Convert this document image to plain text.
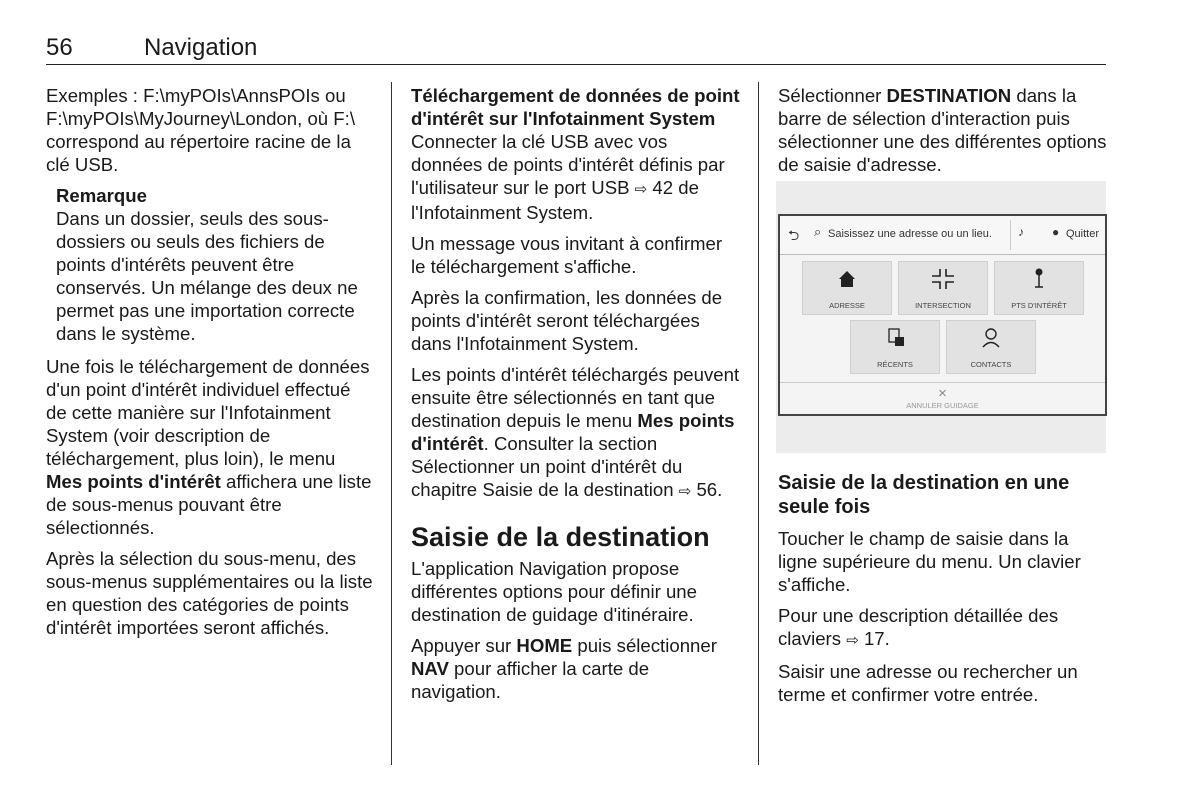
56	Navigation

Exemples : F:\myPOIs\AnnsPOIs ou F:\myPOIs\MyJourney\London, où F:\ correspond au répertoire racine de la clé USB.

Remarque
Dans un dossier, seuls des sous-dossiers ou seuls des fichiers de points d'intérêts peuvent être conservés. Un mélange des deux ne permet pas une importation correcte dans le système.

Une fois le téléchargement de données d'un point d'intérêt individuel effectué de cette manière sur l'Infotainment System (voir description de téléchargement, plus loin), le menu Mes points d'intérêt affichera une liste de sous-menus pouvant être sélectionnés.

Après la sélection du sous-menu, des sous-menus supplémentaires ou la liste en question des catégories de points d'intérêt importées seront affichés.

Téléchargement de données de point d'intérêt sur l'Infotainment System

Connecter la clé USB avec vos données de points d'intérêt définis par l'utilisateur sur le port USB ⇨ 42 de l'Infotainment System.

Un message vous invitant à confirmer le téléchargement s'affiche.

Après la confirmation, les données de points d'intérêt seront téléchargées dans l'Infotainment System.

Les points d'intérêt téléchargés peuvent ensuite être sélectionnés en tant que destination depuis le menu Mes points d'intérêt. Consulter la section Sélectionner un point d'intérêt du chapitre Saisie de la destination ⇨ 56.

Saisie de la destination

L'application Navigation propose différentes options pour définir une destination de guidage d'itinéraire.

Appuyer sur HOME puis sélectionner NAV pour afficher la carte de navigation.

Sélectionner DESTINATION dans la barre de sélection d'interaction puis sélectionner une des différentes options de saisie d'adresse.

⮌ ⌕ Saisissez une adresse ou un lieu. ♪ ● Quitter
ADRESSE	INTERSECTION	PTS D'INTÉRÊT
RÉCENTS	CONTACTS
×
ANNULER GUIDAGE
Saisie de la destination en une seule fois

Toucher le champ de saisie dans la ligne supérieure du menu. Un clavier s'affiche.

Pour une description détaillée des claviers ⇨ 17.

Saisir une adresse ou rechercher un terme et confirmer votre entrée.
